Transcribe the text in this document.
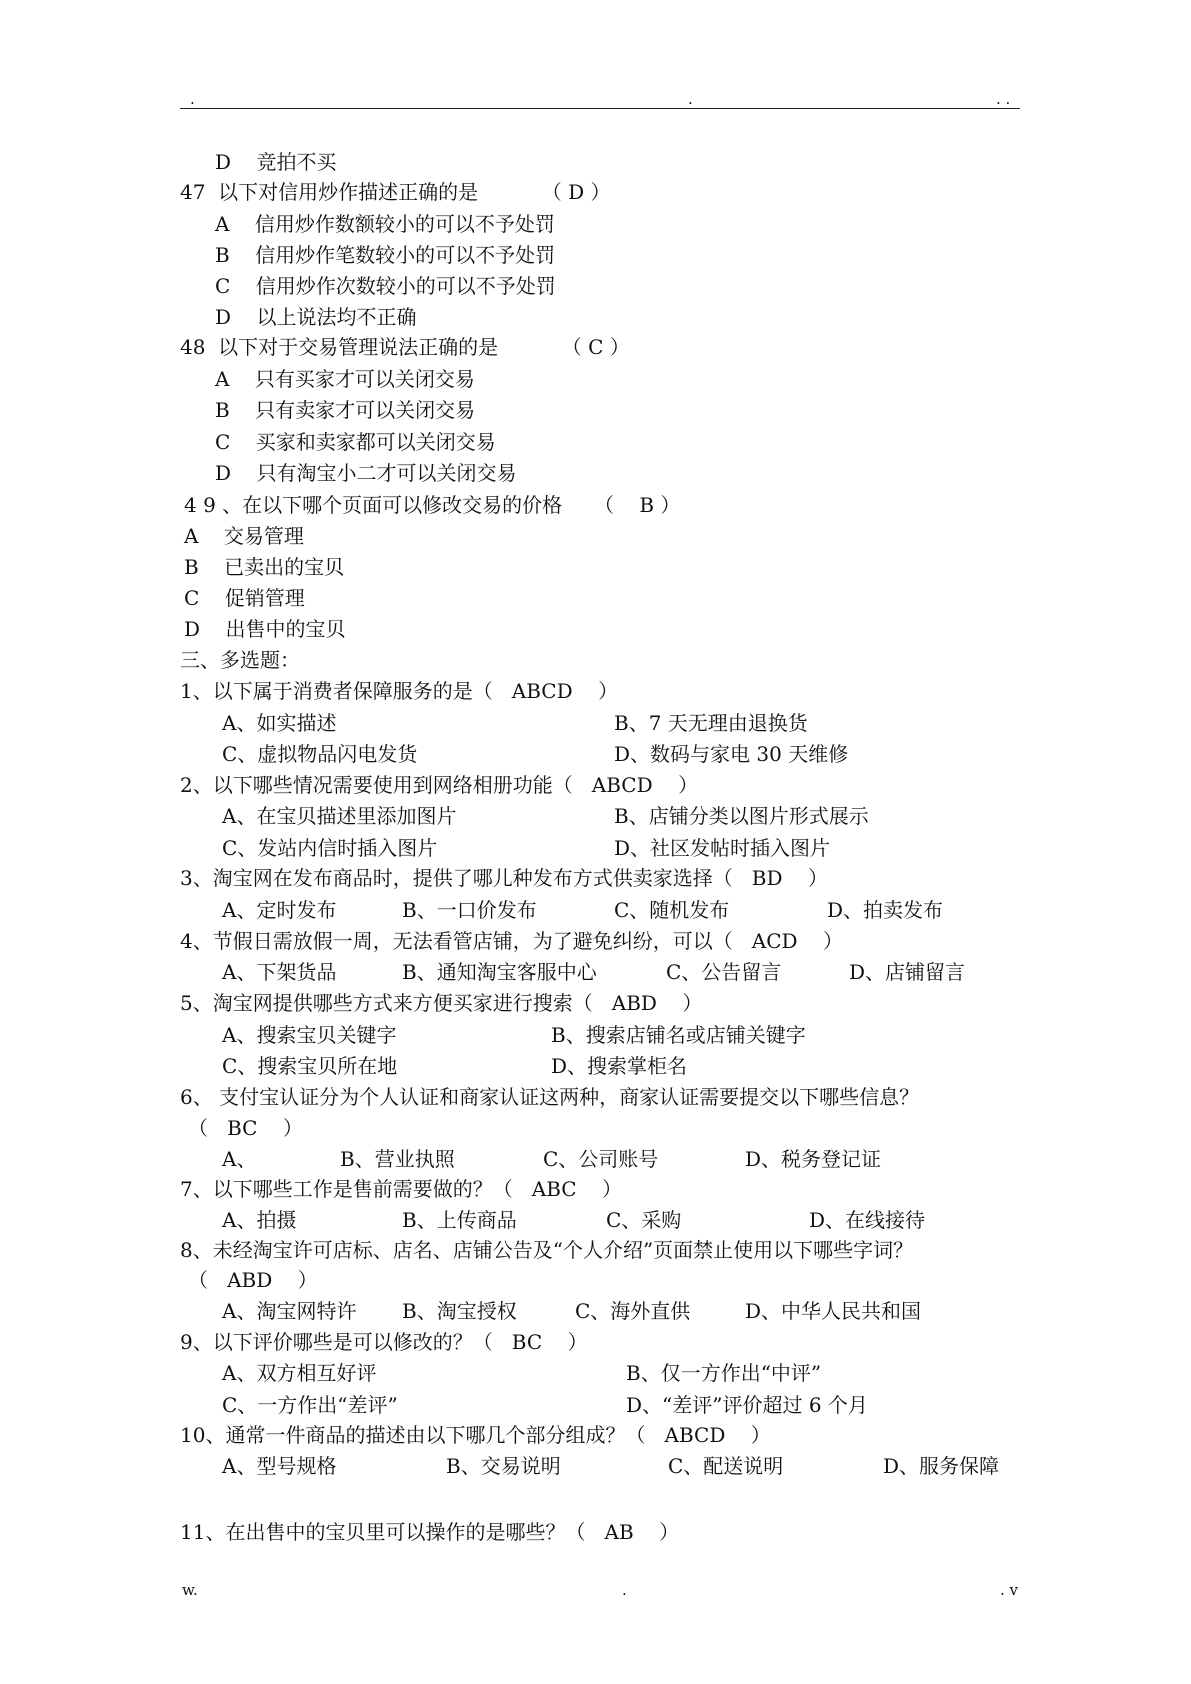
.	.	. .
D    竞拍不买
47  以下对信用炒作描述正确的是          （ D ）
A    信用炒作数额较小的可以不予处罚
B    信用炒作笔数较小的可以不予处罚
C    信用炒作次数较小的可以不予处罚
D    以上说法均不正确
48  以下对于交易管理说法正确的是          （ C ）
A    只有买家才可以关闭交易
B    只有卖家才可以关闭交易
C    买家和卖家都可以关闭交易
D    只有淘宝小二才可以关闭交易
4 9 、在以下哪个页面可以修改交易的价格     （    B ）
A    交易管理
B    已卖出的宝贝
C    促销管理
D    出售中的宝贝
三、多选题：
1、以下属于消费者保障服务的是（   ABCD    ）
A、如实描述	B、7 天无理由退换货
C、虚拟物品闪电发货	D、数码与家电 30 天维修
2、以下哪些情况需要使用到网络相册功能（   ABCD    ）
A、在宝贝描述里添加图片	B、店铺分类以图片形式展示
C、发站内信时插入图片	D、社区发帖时插入图片
3、淘宝网在发布商品时，提供了哪儿种发布方式供卖家选择（   BD    ）
A、定时发布	B、一口价发布	C、随机发布	D、拍卖发布
4、节假日需放假一周，无法看管店铺，为了避免纠纷，可以（   ACD    ）
A、下架货品	B、通知淘宝客服中心	C、公告留言	D、店铺留言
5、淘宝网提供哪些方式来方便买家进行搜索（   ABD    ）
A、搜索宝贝关键字	B、搜索店铺名或店铺关键字
C、搜索宝贝所在地	D、搜索掌柜名
6、 支付宝认证分为个人认证和商家认证这两种，商家认证需要提交以下哪些信息？
（   BC    ）
A、	B、营业执照	C、公司账号	D、税务登记证
7、以下哪些工作是售前需要做的？（   ABC    ）
A、拍摄	B、上传商品	C、采购	D、在线接待
8、未经淘宝许可店标、店名、店铺公告及“个人介绍”页面禁止使用以下哪些字词？
（   ABD    ）
A、淘宝网特许 B、淘宝授权	C、海外直供	D、中华人民共和国
9、以下评价哪些是可以修改的？（   BC    ）
A、双方相互好评	B、仅一方作出“中评”
C、一方作出“差评”	D、“差评”评价超过 6 个月
10、通常一件商品的描述由以下哪几个部分组成？（   ABCD    ）
A、型号规格	B、交易说明	C、配送说明	D、服务保障
11、在出售中的宝贝里可以操作的是哪些？（   AB    ）
w.	.	. v
